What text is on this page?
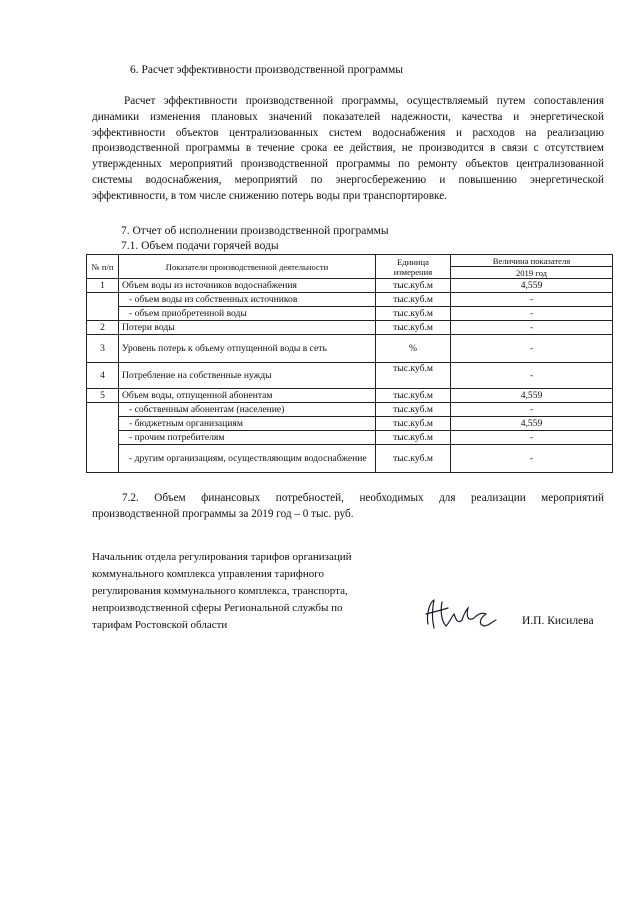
6. Расчет эффективности производственной программы

Расчет эффективности производственной программы, осуществляемый путем сопоставления динамики изменения плановых значений показателей надежности, качества и энергетической эффективности объектов централизованных систем водоснабжения и расходов на реализацию производственной программы в течение срока ее действия, не производится в связи с отсутствием утвержденных мероприятий производственной программы по ремонту объектов централизованной системы водоснабжения, мероприятий по энергосбережению и повышению энергетической эффективности, в том числе снижению потерь воды при транспортировке.

7. Отчет об исполнении производственной программы
7.1. Объем подачи горячей воды
№ п/п	Показатели производственной деятельности	Единица измерения	Величина показателя
			2019 год
1	Объем воды из источников водоснабжения	тыс.куб.м	4,559
	- объем воды из собственных источников	тыс.куб.м	-
	- объем приобретенной воды	тыс.куб.м	-
2	Потери воды	тыс.куб.м	-
3	Уровень потерь к объему отпущенной воды в сеть	%	-
4	Потребление на собственные нужды	тыс.куб.м	-
5	Объем воды, отпущенной абонентам	тыс.куб.м	4,559
	- собственным абонентам (население)	тыс.куб.м	-
	- бюджетным организациям	тыс.куб.м	4,559
	- прочим потребителям	тыс.куб.м	-
	- другим организациям, осуществляющим водоснабжение	тыс.куб.м	-

7.2. Объем финансовых потребностей, необходимых для реализации мероприятий производственной программы за 2019 год – 0 тыс. руб.

Начальник отдела регулирования тарифов организаций
коммунального комплекса управления тарифного
регулирования коммунального комплекса, транспорта,
непроизводственной сферы Региональной службы по
тарифам Ростовской области	И.П. Кисилева
